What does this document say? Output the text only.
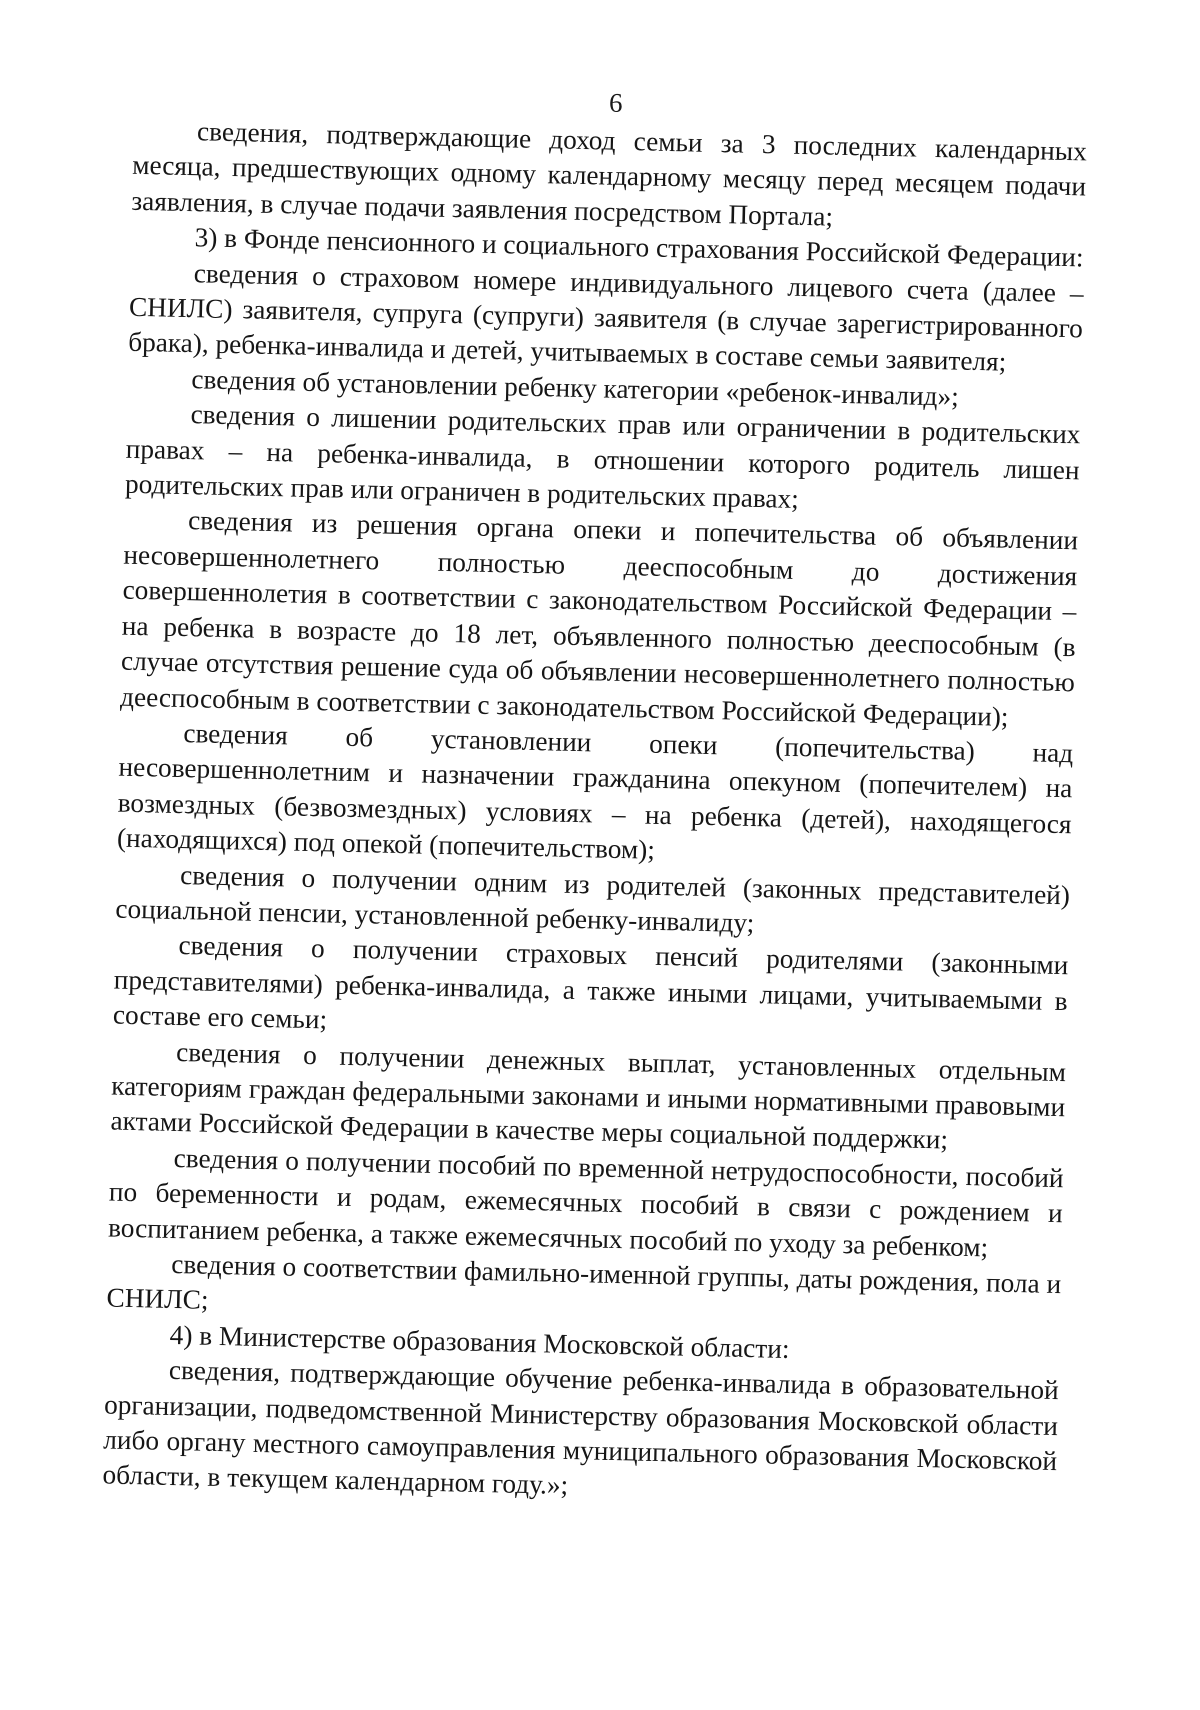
6

сведения, подтверждающие доход семьи за 3 последних календарных месяца, предшествующих одному календарному месяцу перед месяцем подачи заявления, в случае подачи заявления посредством Портала;

3) в Фонде пенсионного и социального страхования Российской Федерации:

сведения о страховом номере индивидуального лицевого счета (далее – СНИЛС) заявителя, супруга (супруги) заявителя (в случае зарегистрированного брака), ребенка-инвалида и детей, учитываемых в составе семьи заявителя;

сведения об установлении ребенку категории «ребенок-инвалид»;

сведения о лишении родительских прав или ограничении в родительских правах – на ребенка-инвалида, в отношении которого родитель лишен родительских прав или ограничен в родительских правах;

сведения из решения органа опеки и попечительства об объявлении несовершеннолетнего полностью дееспособным до достижения совершеннолетия в соответствии с законодательством Российской Федерации – на ребенка в возрасте до 18 лет, объявленного полностью дееспособным (в случае отсутствия решение суда об объявлении несовершеннолетнего полностью дееспособным в соответствии с законодательством Российской Федерации);

сведения об установлении опеки (попечительства) над несовершеннолетним и назначении гражданина опекуном (попечителем) на возмездных (безвозмездных) условиях – на ребенка (детей), находящегося (находящихся) под опекой (попечительством);

сведения о получении одним из родителей (законных представителей) социальной пенсии, установленной ребенку-инвалиду;

сведения о получении страховых пенсий родителями (законными представителями) ребенка-инвалида, а также иными лицами, учитываемыми в составе его семьи;

сведения о получении денежных выплат, установленных отдельным категориям граждан федеральными законами и иными нормативными правовыми актами Российской Федерации в качестве меры социальной поддержки;

сведения о получении пособий по временной нетрудоспособности, пособий по беременности и родам, ежемесячных пособий в связи с рождением и воспитанием ребенка, а также ежемесячных пособий по уходу за ребенком;

сведения о соответствии фамильно-именной группы, даты рождения, пола и СНИЛС;

4) в Министерстве образования Московской области:

сведения, подтверждающие обучение ребенка-инвалида в образовательной организации, подведомственной Министерству образования Московской области либо органу местного самоуправления муниципального образования Московской области, в текущем календарном году.»;
